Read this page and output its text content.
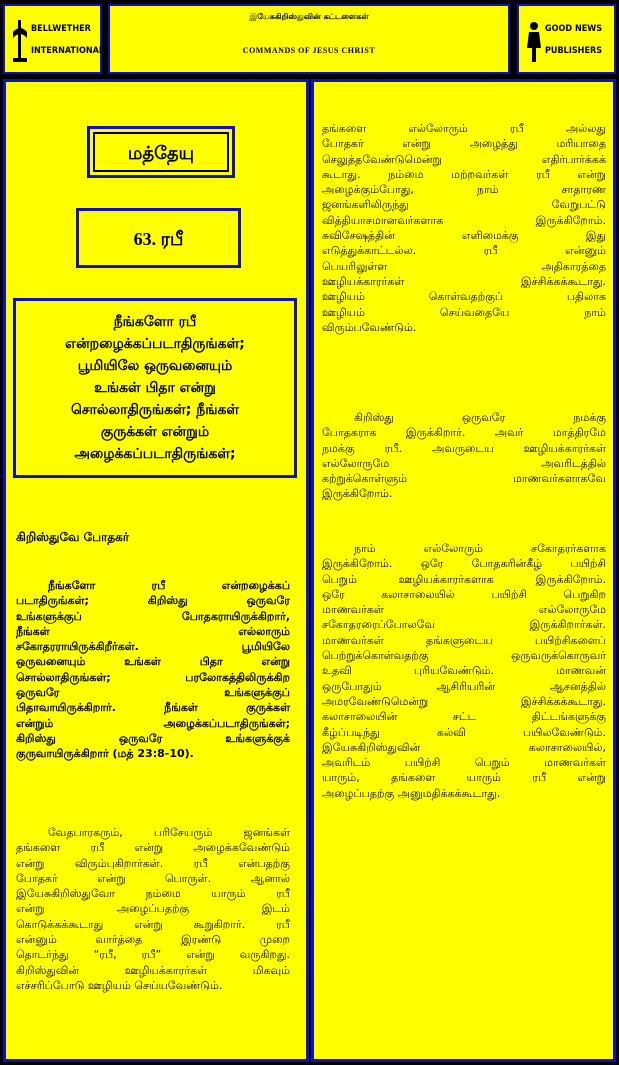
BELLWETHER
INTERNATIONAL
இயேசுகிறிஸ்துவின் கட்டளைகள்
COMMANDS OF JESUS CHRIST
GOOD NEWS
PUBLISHERS
மத்தேயு
63. ரபீ
நீங்களோ ரபீ
என்றழைக்கப்படாதிருங்கள்;
பூமியிலே ஒருவனையும்
உங்கள் பிதா என்று
சொல்லாதிருங்கள்; நீங்கள்
குருக்கள் என்றும்
அழைக்கப்படாதிருங்கள்;
கிறிஸ்துவே போதகர்
நீங்களோ ரபீ என்றழைக்கப்
படாதிருங்கள்; கிறிஸ்து ஒருவரே
உங்களுக்குப் போதகராயிருக்கிறார்,
நீங்கள் எல்லாரும்
சகோதரராயிருக்கிறீர்கள். பூமியிலே
ஒருவனையும் உங்கள் பிதா என்று
சொல்லாதிருங்கள்; பரலோகத்திலிருக்கிற
ஒருவரே உங்களுக்குப்
பிதாவாயிருக்கிறார். நீங்கள் குருக்கள்
என்றும் அழைக்கப்படாதிருங்கள்;
கிறிஸ்து ஒருவரே உங்களுக்குக்
குருவாயிருக்கிறார் (மத் 23:8-10).
வேதபாரகரும், பரிசேயரும் ஜனங்கள்
தங்களை ரபீ என்று அழைக்கவேண்டும்
என்று விரும்புகிறார்கள். ரபீ என்பதற்கு
போதகர் என்று பொருள். ஆனால்
இயேசுகிறிஸ்துவோ நம்மை யாரும் ரபீ
என்று அழைப்பதற்கு இடம்
கொடுக்கக்கூடாது என்று கூறுகிறார். ரபீ
என்னும் வார்த்தை இரண்டு முறை
தொடர்ந்து “ரபீ, ரபீ” என்று வருகிறது.
கிறிஸ்துவின் ஊழியக்காரர்கள் மிகவும்
எச்சரிப்போடு ஊழியம் செய்யவேண்டும்.
தங்களை எல்லோரும் ரபீ அல்லது
போதகர் என்று அழைத்து மரியாதை
செலுத்தவேண்டுமென்று எதிர்பார்க்கக்
கூடாது. நம்மை மற்றவர்கள் ரபீ என்று
அழைக்கும்போது, நாம் சாதாரண
ஜனங்களிலிருந்து வேறுபட்டு
வித்தியாசமானவர்களாக இருக்கிறோம்.
சுவிசேஷத்தின் எளிமைக்கு இது
எடுத்துக்காட்டல்ல. ரபீ என்னும்
பெயரிலுள்ள அதிகாரத்தை
ஊழியக்காரர்கள் இச்சிக்கக்கூடாது.
ஊழியம் கொள்வதற்குப் பதிலாக
ஊழியம் செய்வதையே நாம்
விரும்பவேண்டும்.
கிறிஸ்து ஒருவரே நமக்கு
போதகராக இருக்கிறார். அவர் மாத்திரமே
நமக்கு ரபீ. அவருடைய ஊழியக்காரர்கள்
எல்லோருமே அவரிடத்தில்
கற்றுக்கொள்ளும் மாணவர்களாகவே
இருக்கிறோம்.
நாம் எல்லோரும் சகோதரர்களாக
இருக்கிறோம். ஒரே போதகரின்கீழ் பயிற்சி
பெறும் ஊழியக்காரர்களாக இருக்கிறோம்.
ஒரே கலாசாலையில் பயிற்சி பெறுகிற
மாணவர்கள் எல்லோருமே
சகோதரரைப்போலவே இருக்கிறார்கள்.
மாணவர்கள் தங்களுடைய பயிற்சிகளைப்
பெற்றுக்கொள்வதற்கு ஒருவருக்கொருவர்
உதவி புரியவேண்டும். மாணவன்
ஒருபோதும் ஆசிரியரின் ஆசனத்தில்
அமரவேண்டுமென்று இச்சிக்கக்கூடாது.
கலாசாலையின் சட்ட திட்டங்களுக்கு
கீழ்ப்படிந்து கல்வி பயிலவேண்டும்.
இயேசுகிறிஸ்துவின் கலாசாலையில்,
அவரிடம் பயிற்சி பெறும் மாணவர்கள்
யாரும், தங்களை யாரும் ரபீ என்று
அழைப்பதற்கு அனுமதிக்கக்கூடாது.
